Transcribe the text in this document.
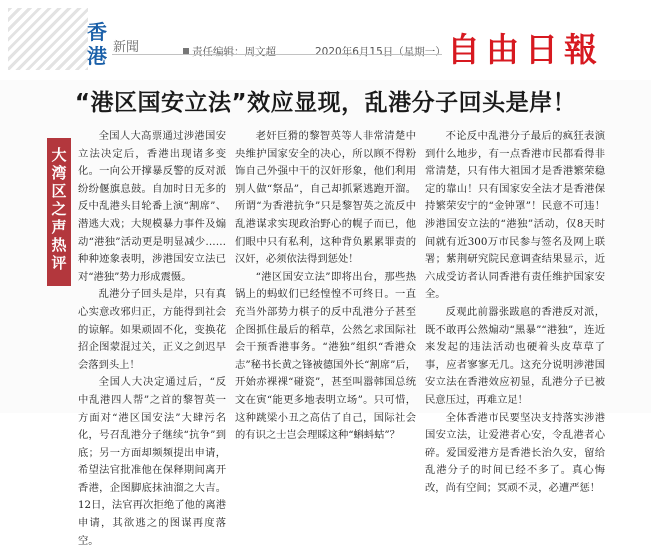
香港 新聞	责任编辑：周文超	2020年6月15日（星期一） 自由日報
“港区国安立法”效应显现，乱港分子回头是岸！
大湾区之声热评

全国人大高票通过涉港国安立法决定后，香港出现诸多变化。一向公开撑暴反警的反对派纷纷偃旗息鼓。自加时日无多的反中乱港头目轮番上演“割席”、潜逃大戏；大规模暴力事件及煽动“港独”活动更是明显减少……种种迹象表明，涉港国安立法已对“港独”势力形成震慑。

乱港分子回头是岸，只有真心实意改邪归正，方能得到社会的谅解。如果顽固不化，变换花招企图蒙混过关，正义之剑迟早会落到头上！

全国人大决定通过后，“反中乱港四人帮”之首的黎智英一方面对“港区国安法”大肆污名化，号召乱港分子继续“抗争”到底；另一方面却频频提出申请，希望法官批准他在保释期间离开香港，企图脚底抹油溜之大吉。12日，法官再次拒绝了他的离港申请，其欲逃之的图谋再度落空。

老奸巨猾的黎智英等人非常清楚中央维护国家安全的决心，所以顾不得粉饰自己外强中干的汉奸形象，他们利用别人做“祭品”，自己却抓紧逃跑开溜。所谓“为香港抗争”只是黎智英之流反中乱港谋求实现政治野心的幌子而已，他们眼中只有私利，这种背负累累罪责的汉奸，必须依法得到惩处！

“港区国安立法”即将出台，那些热锅上的蚂蚁们已经惶惶不可终日。一直充当外部势力棋子的反中乱港分子甚至企图抓住最后的稻草，公然乞求国际社会干预香港事务。“港独”组织“香港众志”秘书长黄之锋被德国外长“割席”后，开始赤裸裸“碰瓷”，甚至叫嚣韩国总统文在寅“能更多地表明立场”。只可惜，这种跳梁小丑之高估了自己，国际社会的有识之士岂会理睬这种“蝌蚪蛄”？

不论反中乱港分子最后的疯狂表演到什么地步，有一点香港市民都看得非常清楚，只有伟大祖国才是香港繁荣稳定的靠山！只有国家安全法才是香港保持繁荣安宁的“金钟罩”！民意不可违！涉港国安立法的“港独”活动，仅8天时间就有近300万市民参与签名及网上联署；紫荆研究院民意调查结果显示，近六成受访者认同香港有责任维护国家安全。

反观此前嚣张跋扈的香港反对派，既不敢再公然煽动“黑暴”“港独”，连近来发起的违法活动也硬着头皮草草了事，应者寥寥无几。这充分说明涉港国安立法在香港效应初显，乱港分子已被民意压过，再难立足！

全体香港市民要坚决支持落实涉港国安立法，让爱港者心安，令乱港者心碎。爱国爱港方是香港长治久安，留给乱港分子的时间已经不多了。真心悔改，尚有空间；冥顽不灵，必遭严惩！
